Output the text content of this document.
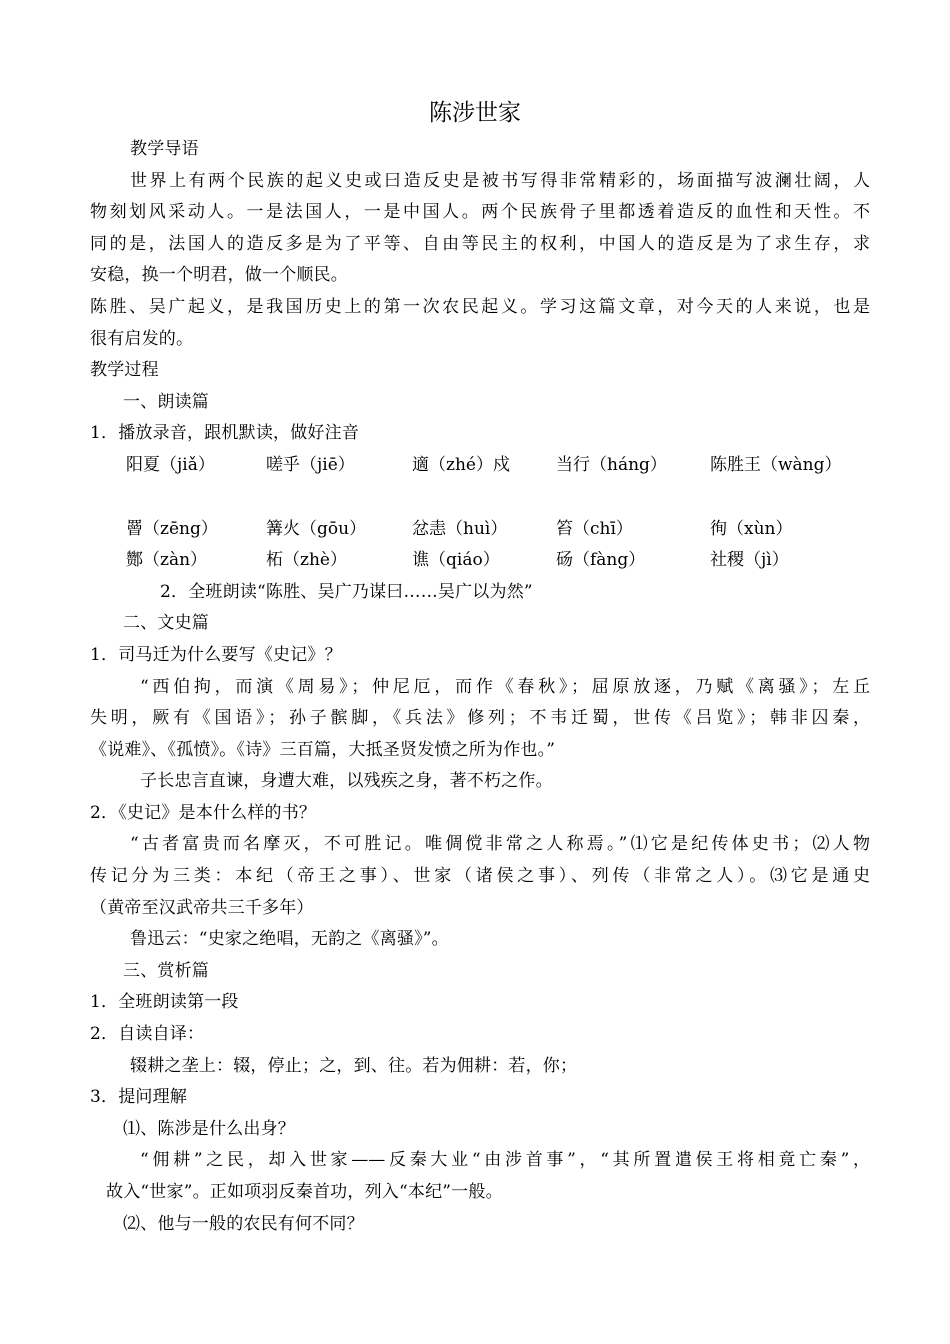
陈涉世家
教学导语
世界上有两个民族的起义史或曰造反史是被书写得非常精彩的，场面描写波澜壮阔，人
物刻划风采动人。一是法国人，一是中国人。两个民族骨子里都透着造反的血性和天性。不
同的是，法国人的造反多是为了平等、自由等民主的权利，中国人的造反是为了求生存，求
安稳，换一个明君，做一个顺民。
陈胜、吴广起义，是我国历史上的第一次农民起义。学习这篇文章，对今天的人来说，也是
很有启发的。
教学过程
一、朗读篇
1．播放录音，跟机默读，做好注音
阳夏（jiǎ）	嗟乎（jiē）	適（zhé）戍	当行（háng）	陈胜王（wàng）
罾（zēng）	篝火（gōu）	忿恚（huì）	笞（chī）	徇（xùn）
酂（zàn）	柘（zhè）	谯（qiáo）	砀（fàng）	社稷（jì）
2．全班朗读“陈胜、吴广乃谋曰……吴广以为然”
二、文史篇
1．司马迁为什么要写《史记》？
“西伯拘，而演《周易》；仲尼厄，而作《春秋》；屈原放逐，乃赋《离骚》；左丘
失明，厥有《国语》；孙子髌脚，《兵法》修列；不韦迁蜀，世传《吕览》；韩非囚秦，
《说难》、《孤愤》。《诗》三百篇，大抵圣贤发愤之所为作也。”
子长忠言直谏，身遭大难，以残疾之身，著不朽之作。
2．《史记》是本什么样的书？
“古者富贵而名摩灭，不可胜记。唯倜傥非常之人称焉。”⑴它是纪传体史书；⑵人物
传记分为三类：本纪（帝王之事）、世家（诸侯之事）、列传（非常之人）。⑶它是通史
（黄帝至汉武帝共三千多年）
鲁迅云：“史家之绝唱，无韵之《离骚》”。
三、赏析篇
1．全班朗读第一段
2．自读自译：
辍耕之垄上：辍，停止；之，到、往。若为佣耕：若，你；
3．提问理解
⑴、陈涉是什么出身？
“佣耕”之民，却入世家——反秦大业“由涉首事”，“其所置遣侯王将相竟亡秦”，
故入“世家”。正如项羽反秦首功，列入“本纪”一般。
⑵、他与一般的农民有何不同？
